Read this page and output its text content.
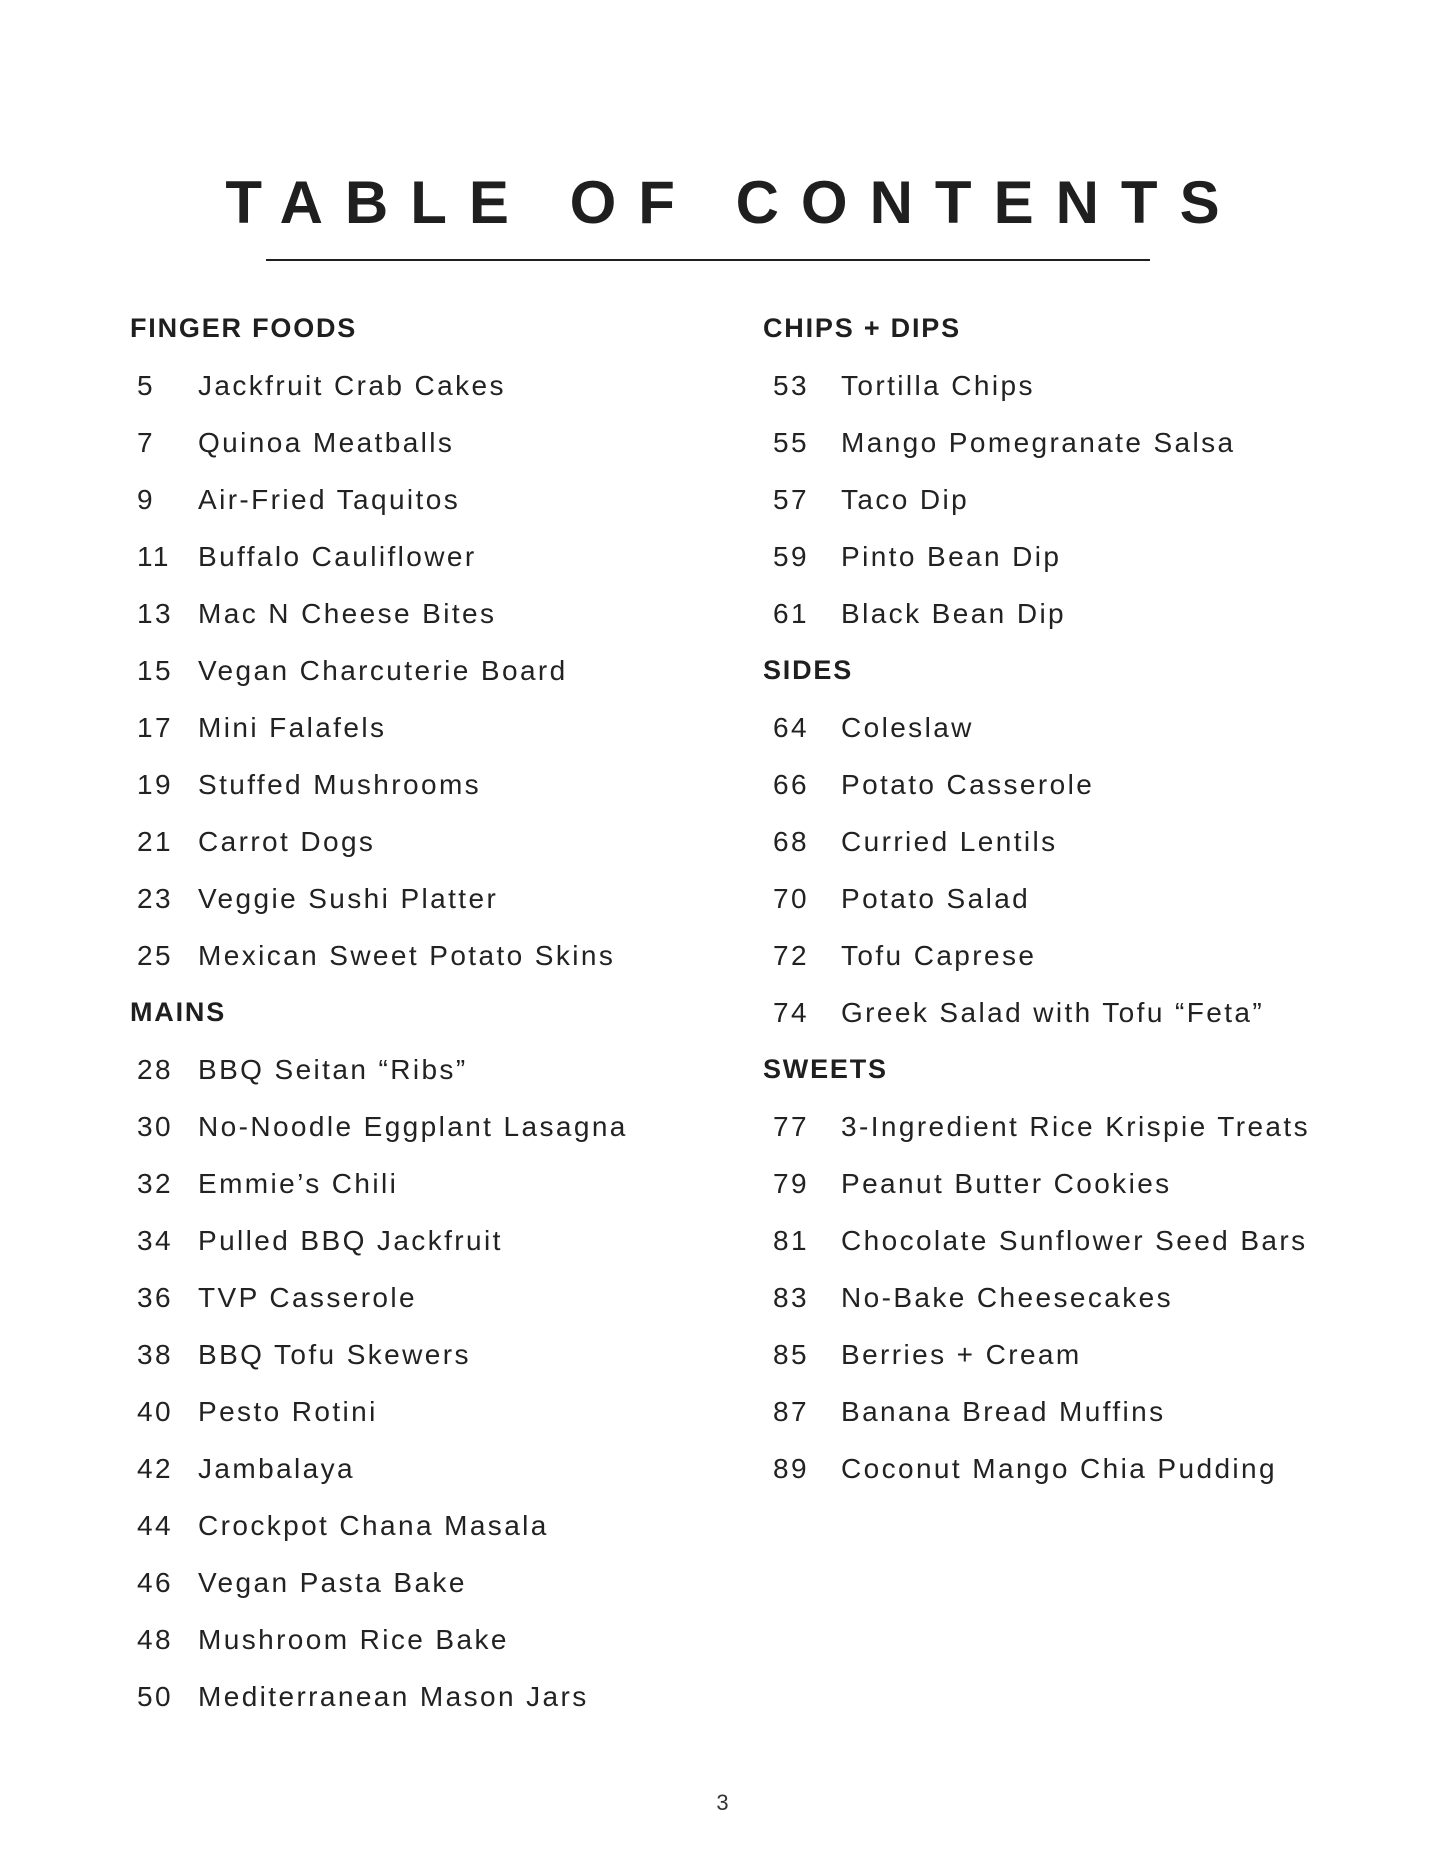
TABLE OF CONTENTS
FINGER FOODS
5 Jackfruit Crab Cakes
7 Quinoa Meatballs
9 Air-Fried Taquitos
11 Buffalo Cauliflower
13 Mac N Cheese Bites
15 Vegan Charcuterie Board
17 Mini Falafels
19 Stuffed Mushrooms
21 Carrot Dogs
23 Veggie Sushi Platter
25 Mexican Sweet Potato Skins
MAINS
28 BBQ Seitan “Ribs”
30 No-Noodle Eggplant Lasagna
32 Emmie’s Chili
34 Pulled BBQ Jackfruit
36 TVP Casserole
38 BBQ Tofu Skewers
40 Pesto Rotini
42 Jambalaya
44 Crockpot Chana Masala
46 Vegan Pasta Bake
48 Mushroom Rice Bake
50 Mediterranean Mason Jars
CHIPS + DIPS
53 Tortilla Chips
55 Mango Pomegranate Salsa
57 Taco Dip
59 Pinto Bean Dip
61 Black Bean Dip
SIDES
64 Coleslaw
66 Potato Casserole
68 Curried Lentils
70 Potato Salad
72 Tofu Caprese
74 Greek Salad with Tofu “Feta”
SWEETS
77 3-Ingredient Rice Krispie Treats
79 Peanut Butter Cookies
81 Chocolate Sunflower Seed Bars
83 No-Bake Cheesecakes
85 Berries + Cream
87 Banana Bread Muffins
89 Coconut Mango Chia Pudding
3
